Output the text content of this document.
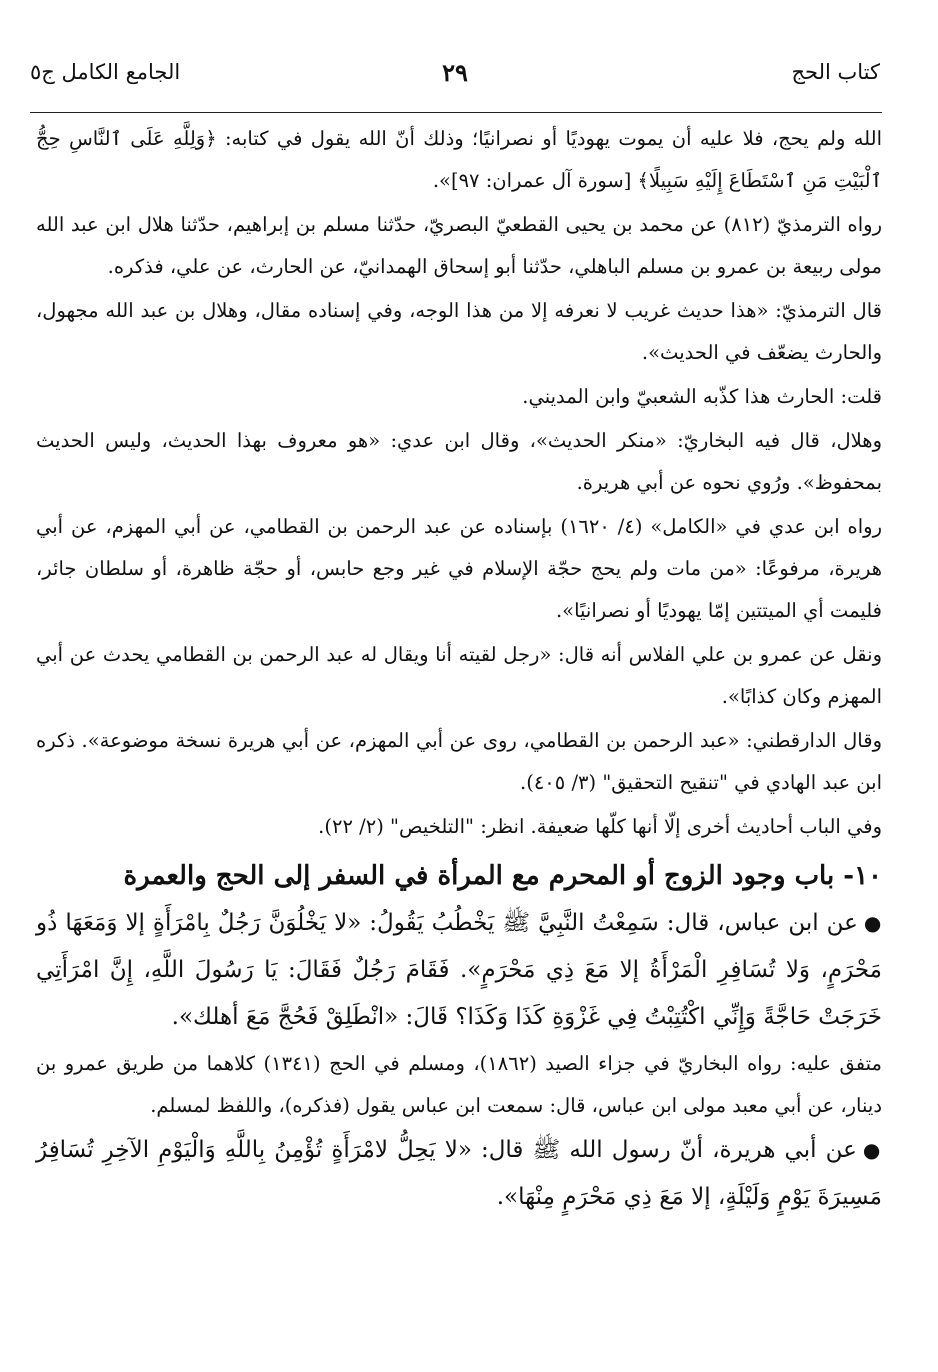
كتاب الحج
٢٩
الجامع الكامل ج٥

الله ولم يحج، فلا عليه أن يموت يهوديًا أو نصرانيًا؛ وذلك أنّ الله يقول في كتابه: ﴿وَلِلَّهِ عَلَى ٱلنَّاسِ حِجُّ ٱلْبَيْتِ مَنِ ٱسْتَطَاعَ إِلَيْهِ سَبِيلًا﴾ [سورة آل عمران: ٩٧]».

رواه الترمذيّ (٨١٢) عن محمد بن يحيى القطعيّ البصريّ، حدّثنا مسلم بن إبراهيم، حدّثنا هلال ابن عبد الله مولى ربيعة بن عمرو بن مسلم الباهلي، حدّثنا أبو إسحاق الهمدانيّ، عن الحارث، عن علي، فذكره.

قال الترمذيّ: «هذا حديث غريب لا نعرفه إلا من هذا الوجه، وفي إسناده مقال، وهلال بن عبد الله مجهول، والحارث يضعّف في الحديث».

قلت: الحارث هذا كذّبه الشعبيّ وابن المديني.

وهلال، قال فيه البخاريّ: «منكر الحديث»، وقال ابن عدي: «هو معروف بهذا الحديث، وليس الحديث بمحفوظ». ورُوي نحوه عن أبي هريرة.

رواه ابن عدي في «الكامل» (٤/ ١٦٢٠) بإسناده عن عبد الرحمن بن القطامي، عن أبي المهزم، عن أبي هريرة، مرفوعًا: «من مات ولم يحج حجّة الإسلام في غير وجع حابس، أو حجّة ظاهرة، أو سلطان جائر، فليمت أي الميتتين إمّا يهوديًا أو نصرانيًا».

ونقل عن عمرو بن علي الفلاس أنه قال: «رجل لقيته أنا ويقال له عبد الرحمن بن القطامي يحدث عن أبي المهزم وكان كذابًا».

وقال الدارقطني: «عبد الرحمن بن القطامي، روى عن أبي المهزم، عن أبي هريرة نسخة موضوعة». ذكره ابن عبد الهادي في "تنقيح التحقيق" (٣/ ٤٠٥).

وفي الباب أحاديث أخرى إلّا أنها كلّها ضعيفة. انظر: "التلخيص" (٢/ ٢٢).

١٠- باب وجود الزوج أو المحرم مع المرأة في السفر إلى الحج والعمرة

●عن ابن عباس، قال: سَمِعْتُ النَّبِيَّ ﷺ يَخْطُبُ يَقُولُ: «لا يَخْلُوَنَّ رَجُلٌ بِامْرَأَةٍ إلا وَمَعَهَا ذُو مَحْرَمٍ، وَلا تُسَافِرِ الْمَرْأَةُ إلا مَعَ ذِي مَحْرَمٍ». فَقَامَ رَجُلٌ فَقَالَ: يَا رَسُولَ اللَّهِ، إِنَّ امْرَأَتِي خَرَجَتْ حَاجَّةً وَإِنِّي اكْتُتِبْتُ فِي غَزْوَةِ كَذَا وَكَذَا؟ قَالَ: «انْطَلِقْ فَحُجَّ مَعَ أهلك».

متفق عليه: رواه البخاريّ في جزاء الصيد (١٨٦٢)، ومسلم في الحج (١٣٤١) كلاهما من طريق عمرو بن دينار، عن أبي معبد مولى ابن عباس، قال: سمعت ابن عباس يقول (فذكره)، واللفظ لمسلم.

●عن أبي هريرة، أنّ رسول الله ﷺ قال: «لا يَحِلُّ لامْرَأَةٍ تُؤْمِنُ بِاللَّهِ وَالْيَوْمِ الآخِرِ تُسَافِرُ مَسِيرَةَ يَوْمٍ وَلَيْلَةٍ، إلا مَعَ ذِي مَحْرَمٍ مِنْهَا».
